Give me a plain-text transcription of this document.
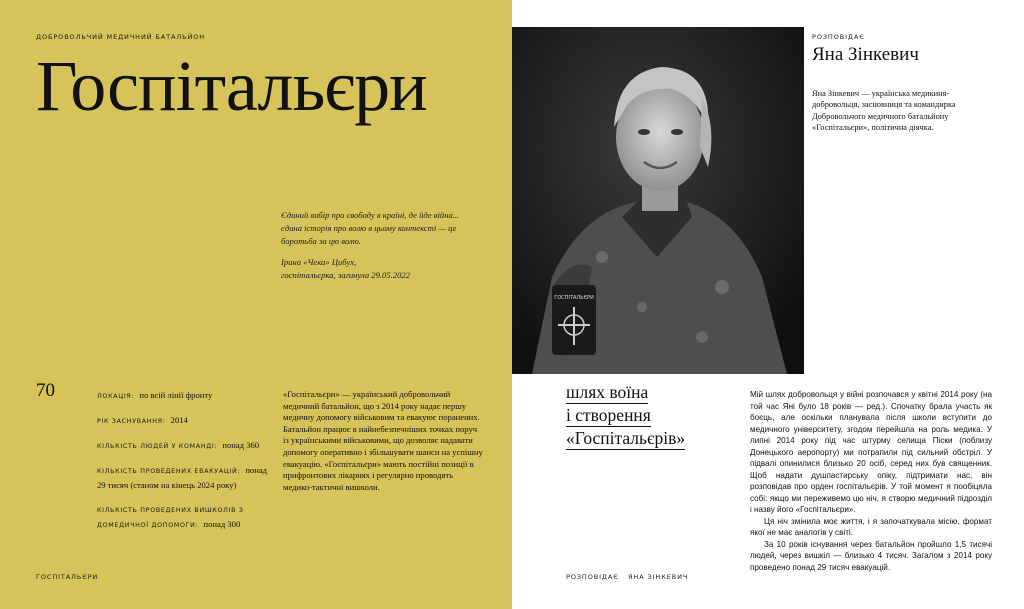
ДОБРОВОЛЬЧИЙ МЕДИЧНИЙ БАТАЛЬЙОН
Госпітальєри

Єдиний вибір про свободу в країні, де йде війна... єдина історія про волю в цьому контексті — це боротьба за цю волю.

Ірина «Чека» Цибух,
госпітальєрка, загинула 29.05.2022
70	ЛОКАЦІЯ: по всій лінії фронту
РІК ЗАСНУВАННЯ: 2014
КІЛЬКІСТЬ ЛЮДЕЙ У КОМАНДІ: понад 360
КІЛЬКІСТЬ ПРОВЕДЕНИХ ЕВАКУАЦІЙ: понад 29 тисяч (станом на кінець 2024 року)
КІЛЬКІСТЬ ПРОВЕДЕНИХ ВИШКОЛІВ З ДОМЕДИЧНОЇ ДОПОМОГИ: понад 300
«Госпітальєри» — український добровольчий медичний батальйон, що з 2014 року надає першу медичну допомогу військовим та евакуює поранених. Батальйон працює в найнебезпечніших точках поруч із українськими військовими, що дозволяє надавати допомогу оперативно і збільшувати шанси на успішну евакуацію. «Госпітальєри» мають постійні позиції в прифронтових лікарнях і регулярно проводять медико-тактичні вишколи.
ГОСПІТАЛЬЄРИ
ГОСПІТАЛЬЄРИ
РОЗПОВІДАЄ
Яна Зінкевич
Яна Зінкевич — українська медикиня-добровольця, засновниця та командирка Добровольчого медичного батальйону «Госпітальєри», політична діячка.
шлях воїна
і створення
«Госпітальєрів»

Мій шлях добровольця у війні розпочався у квітні 2014 року (на той час Яні було 18 років — ред.). Спочатку брала участь як боєць, але оскільки планувала після школи вступити до медичного університету, згодом перейшла на роль медика. У липні 2014 року під час штурму селища Піски (поблизу Донецького аеропорту) ми потрапили під сильний обстріл. У підвалі опинилися близько 20 осіб, серед них був священник. Щоб надати душпастирську опіку, підтримати нас, він розповідав про орден госпітальєрів. У той момент я пообіцяла собі: якщо ми переживемо цю ніч, я створю медичний підрозділ і назву його «Госпітальєри».

Ця ніч змінила моє життя, і я започаткувала місію, формат якої не має аналогів у світі.

За 10 років існування через батальйон пройшло 1,5 тисячі людей, через вишкіл — близько 4 тисяч. Загалом з 2014 року проведено понад 29 тисяч евакуацій.

РОЗПОВІДАЄ ЯНА ЗІНКЕВИЧ
